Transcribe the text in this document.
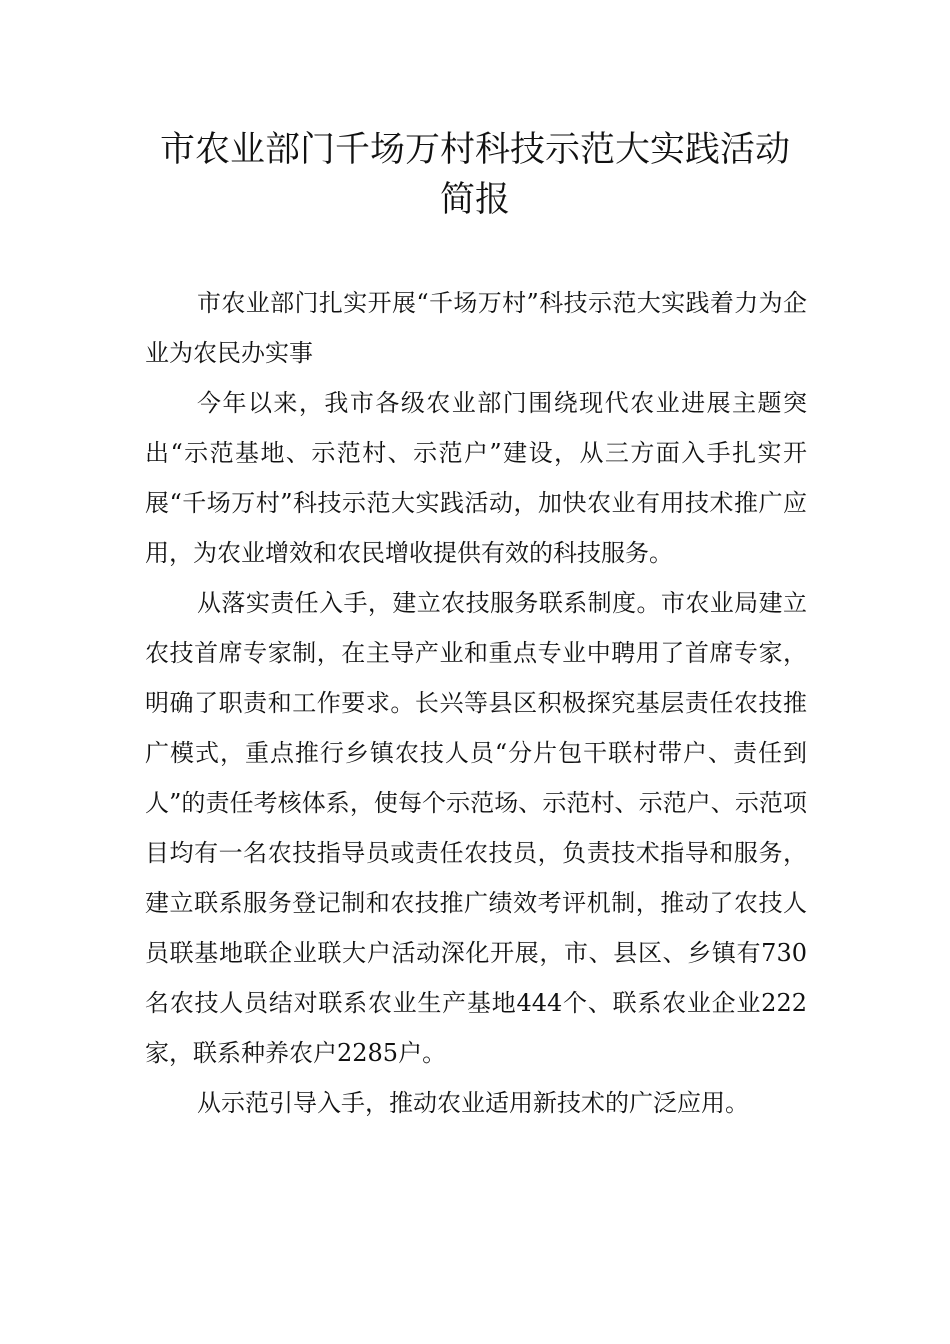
市农业部门千场万村科技示范大实践活动
简报

市农业部门扎实开展“千场万村”科技示范大实践着力为企业为农民办实事

今年以来，我市各级农业部门围绕现代农业进展主题突出“示范基地、示范村、示范户”建设，从三方面入手扎实开展“千场万村”科技示范大实践活动，加快农业有用技术推广应用，为农业增效和农民增收提供有效的科技服务。

从落实责任入手，建立农技服务联系制度。市农业局建立农技首席专家制，在主导产业和重点专业中聘用了首席专家，明确了职责和工作要求。长兴等县区积极探究基层责任农技推广模式，重点推行乡镇农技人员“分片包干联村带户、责任到人”的责任考核体系，使每个示范场、示范村、示范户、示范项目均有一名农技指导员或责任农技员，负责技术指导和服务，建立联系服务登记制和农技推广绩效考评机制，推动了农技人员联基地联企业联大户活动深化开展，市、县区、乡镇有730名农技人员结对联系农业生产基地444个、联系农业企业222家，联系种养农户2285户。

从示范引导入手，推动农业适用新技术的广泛应用。
